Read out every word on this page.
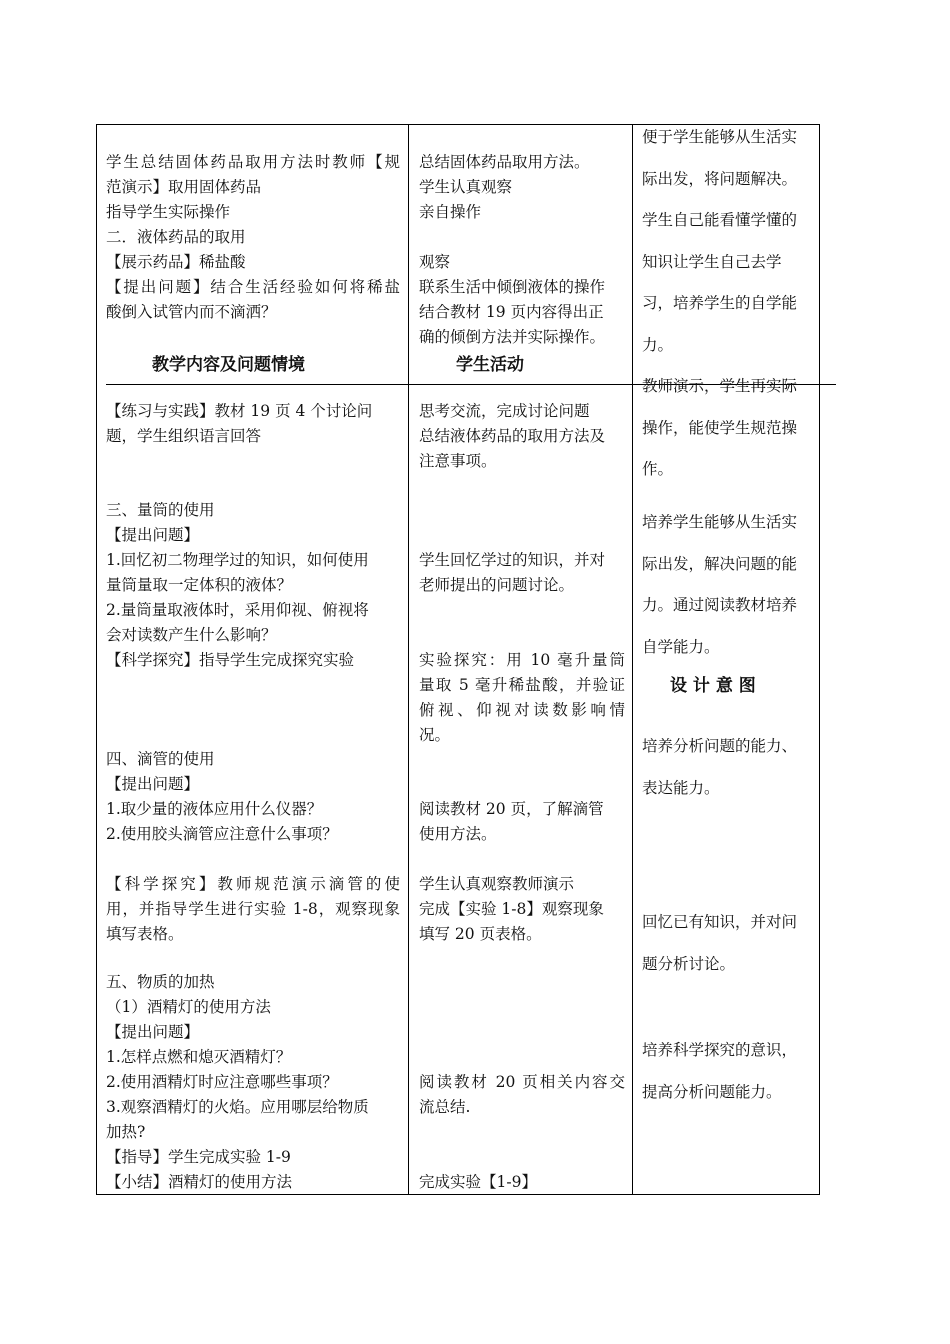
学生总结固体药品取用方法时教师【规
范演示】取用固体药品
指导学生实际操作
二．液体药品的取用
【展示药品】稀盐酸
【提出问题】结合生活经验如何将稀盐
酸倒入试管内而不滴洒？
总结固体药品取用方法。
学生认真观察
亲自操作
观察
联系生活中倾倒液体的操作
结合教材 19 页内容得出正
确的倾倒方法并实际操作。
教学内容及问题情境	学生活动
设 计 意 图
【练习与实践】教材 19 页 4 个讨论问
题，学生组织语言回答
三、量筒的使用
【提出问题】
1.回忆初二物理学过的知识，如何使用
量筒量取一定体积的液体？
2.量筒量取液体时，采用仰视、俯视将
会对读数产生什么影响？
【科学探究】指导学生完成探究实验
四、滴管的使用
【提出问题】
1.取少量的液体应用什么仪器？
2.使用胶头滴管应注意什么事项？
【科学探究】教师规范演示滴管的使
用，并指导学生进行实验 1-8，观察现象
填写表格。
五、物质的加热
（1）酒精灯的使用方法
【提出问题】
1.怎样点燃和熄灭酒精灯？
2.使用酒精灯时应注意哪些事项？
3.观察酒精灯的火焰。应用哪层给物质
加热?
【指导】学生完成实验 1-9
【小结】酒精灯的使用方法
思考交流，完成讨论问题
总结液体药品的取用方法及
注意事项。
学生回忆学过的知识，并对
老师提出的问题讨论。
实验探究：用 10 毫升量筒
量取 5 毫升稀盐酸，并验证
俯视、仰视对读数影响情
况。
阅读教材 20 页，了解滴管
使用方法。
学生认真观察教师演示
完成【实验 1-8】观察现象
填写 20 页表格。
阅读教材 20 页相关内容交
流总结.
完成实验【1-9】
便于学生能够从生活实
际出发，将问题解决。
学生自己能看懂学懂的
知识让学生自己去学
习，培养学生的自学能
力。
教师演示，学生再实际
操作，能使学生规范操
作。
培养学生能够从生活实
际出发，解决问题的能
力。通过阅读教材培养
自学能力。
培养分析问题的能力、
表达能力。
回忆已有知识，并对问
题分析讨论。
培养科学探究的意识，
提高分析问题能力。
